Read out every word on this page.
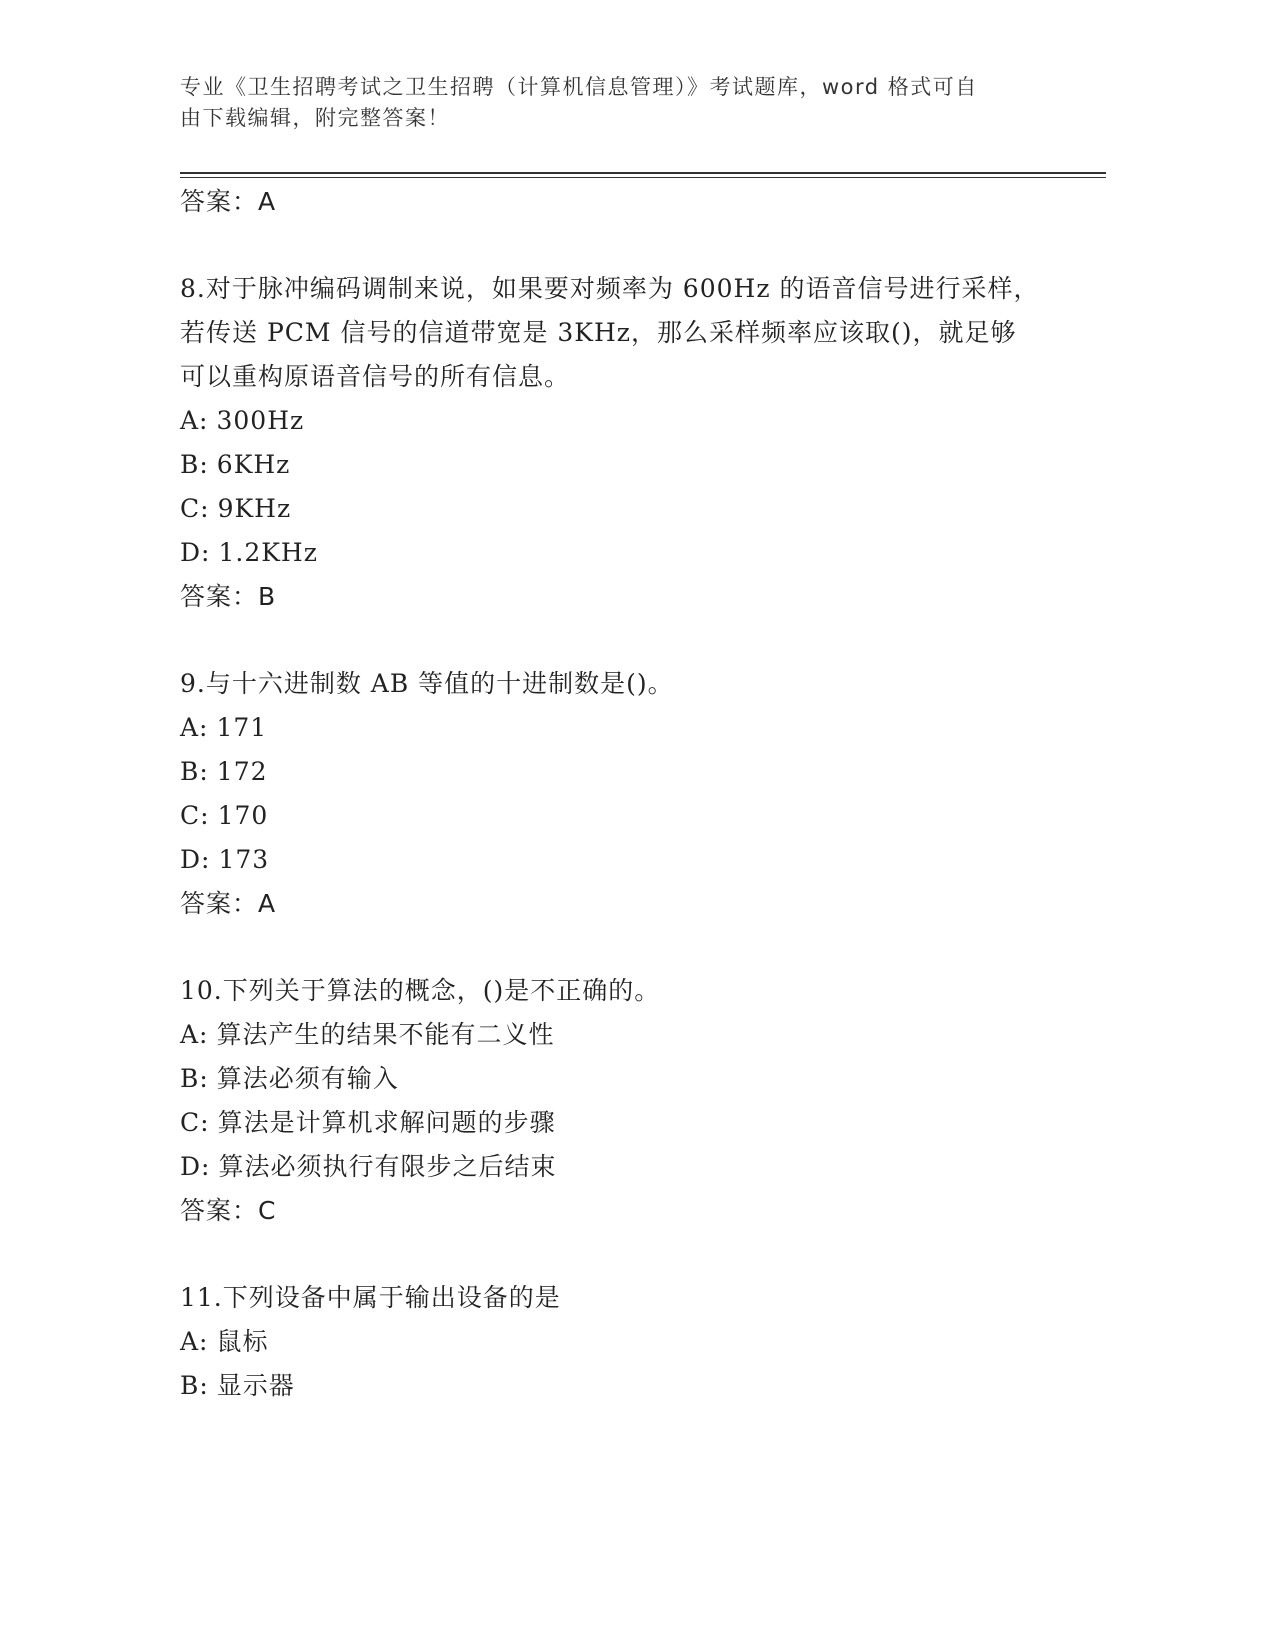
专业《卫生招聘考试之卫生招聘（计算机信息管理）》考试题库，word 格式可自
由下载编辑，附完整答案！
答案：A
8.对于脉冲编码调制来说，如果要对频率为 600Hz 的语音信号进行采样，若传送 PCM 信号的信道带宽是 3KHz，那么采样频率应该取()，就足够可以重构原语音信号的所有信息。
A: 300Hz
B: 6KHz
C: 9KHz
D: 1.2KHz
答案：B
9.与十六进制数 AB 等值的十进制数是()。
A: 171
B: 172
C: 170
D: 173
答案：A
10.下列关于算法的概念，()是不正确的。
A: 算法产生的结果不能有二义性
B: 算法必须有输入
C: 算法是计算机求解问题的步骤
D: 算法必须执行有限步之后结束
答案：C
11.下列设备中属于输出设备的是
A: 鼠标
B: 显示器
